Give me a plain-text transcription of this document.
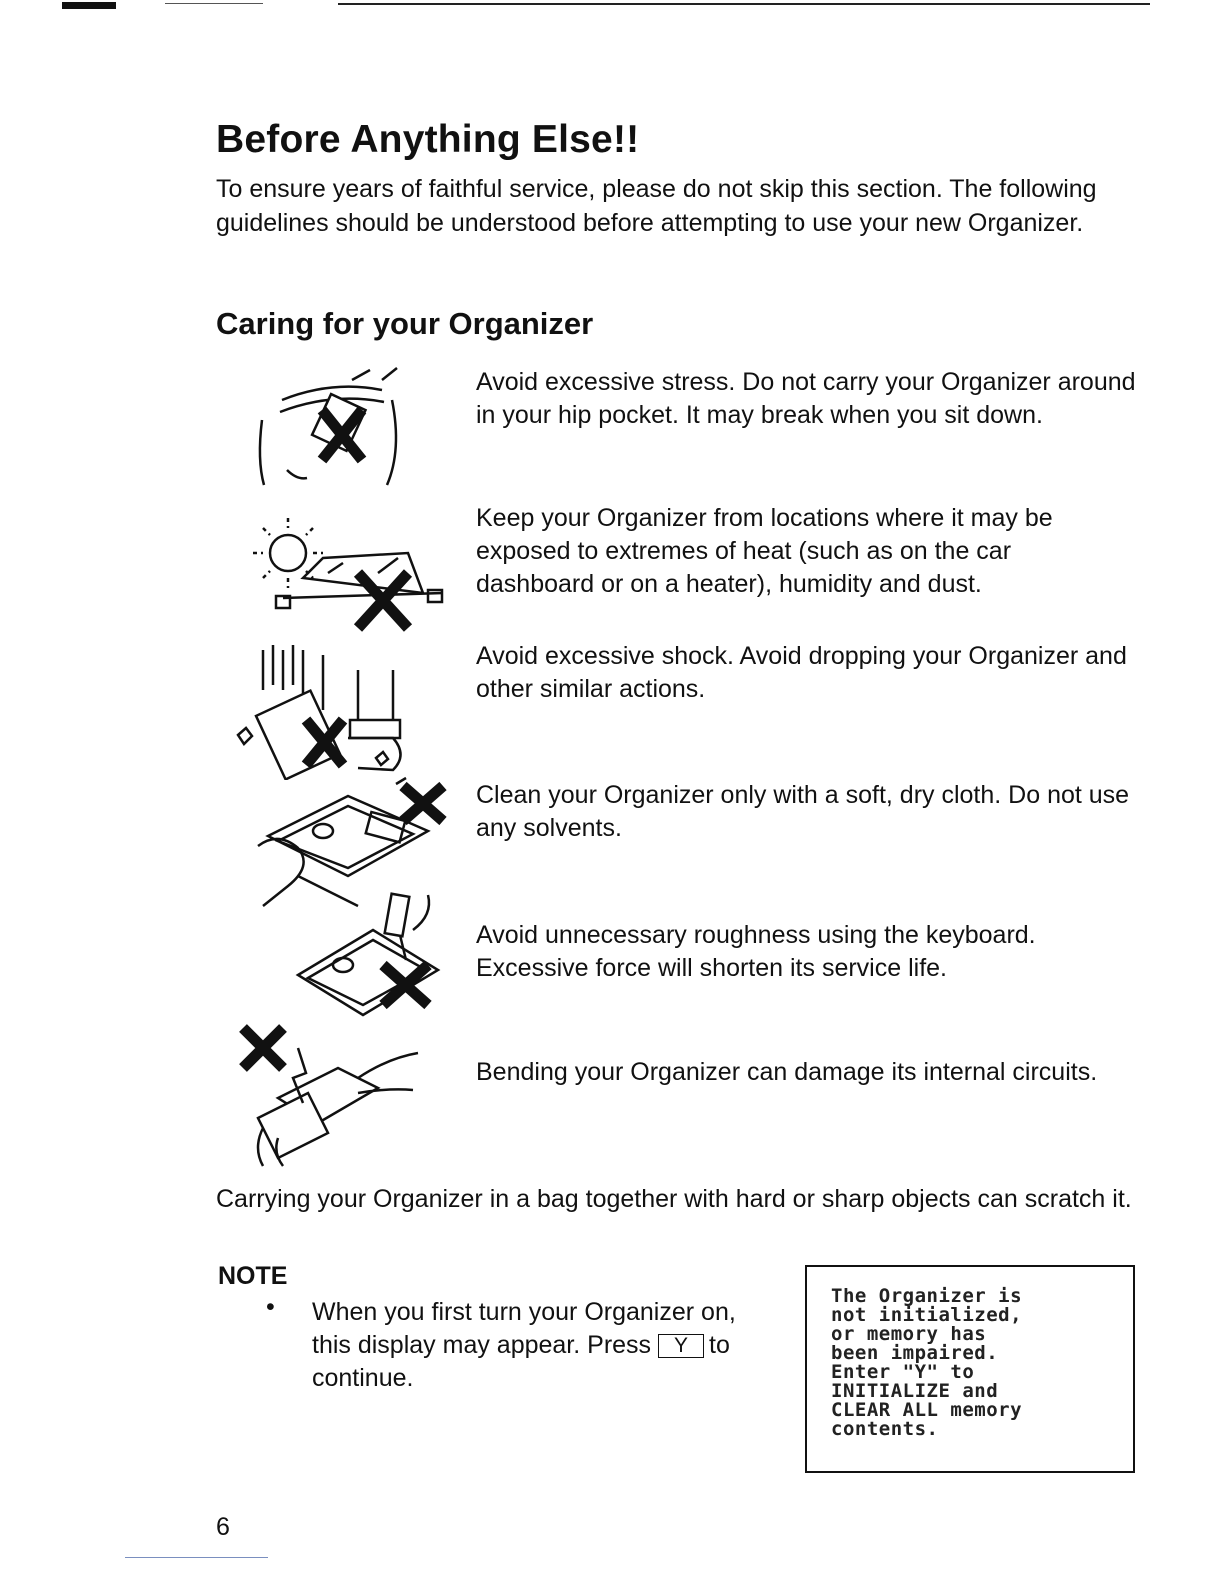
Before Anything Else!!

To ensure years of faithful service, please do not skip this section. The following guidelines should be understood before attempting to use your new Organizer.

Caring for your Organizer

Avoid excessive stress. Do not carry your Organizer around in your hip pocket. It may break when you sit down.

Keep your Organizer from locations where it may be exposed to extremes of heat (such as on the car dashboard or on a heater), humidity and dust.

Avoid excessive shock. Avoid dropping your Organizer and other similar actions.

Clean your Organizer only with a soft, dry cloth. Do not use any solvents.

Avoid unnecessary roughness using the keyboard. Excessive force will shorten its service life.

Bending your Organizer can damage its internal circuits.

Carrying your Organizer in a bag together with hard or sharp objects can scratch it.

NOTE

• When you first turn your Organizer on, this display may appear. Press Y to continue.

The Organizer is
not initialized,
or memory has
been impaired.
Enter "Y" to
INITIALIZE and
CLEAR ALL memory
contents.

6
